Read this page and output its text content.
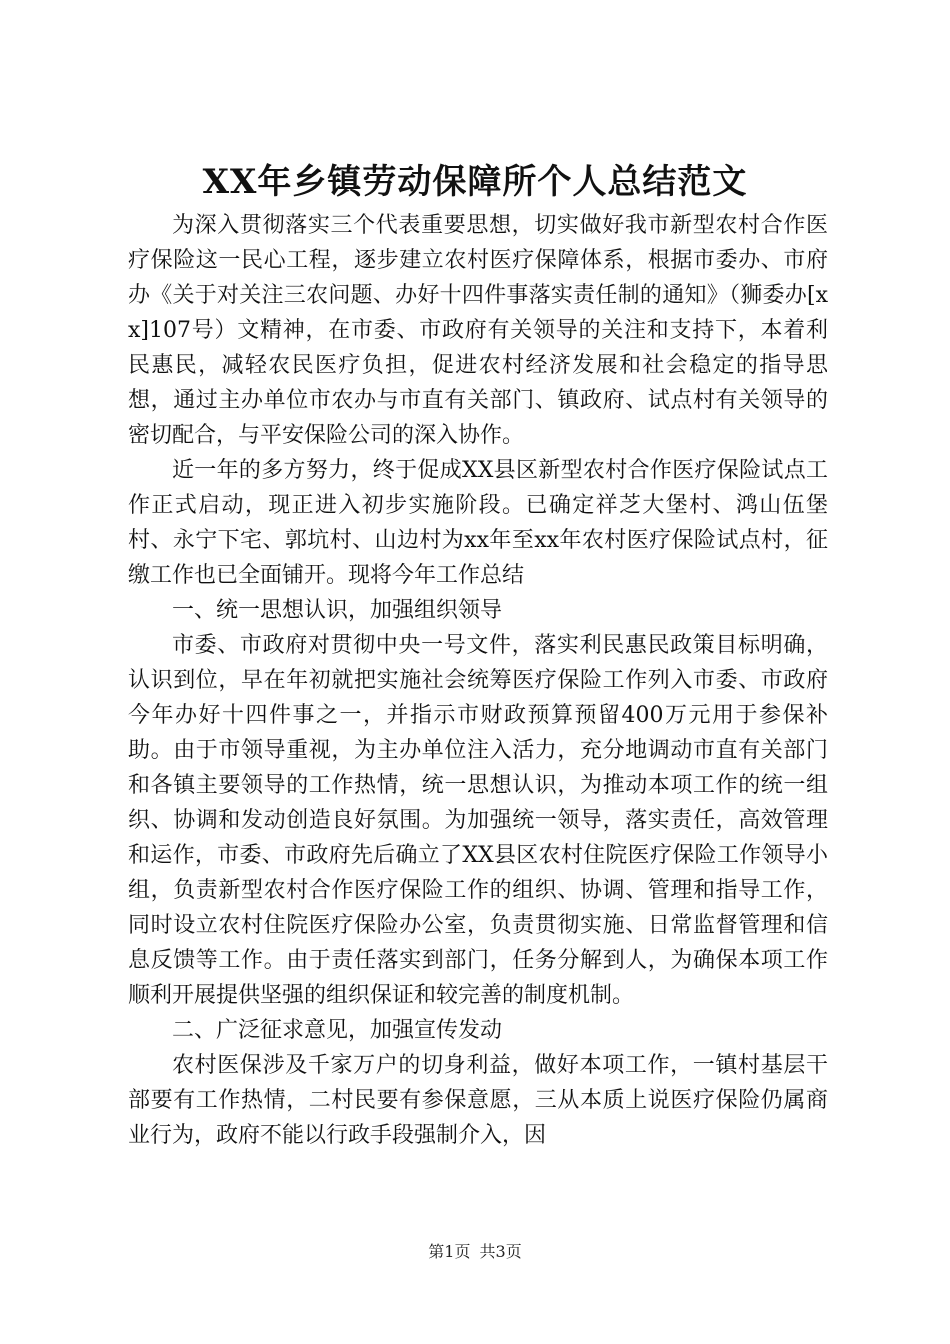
XX年乡镇劳动保障所个人总结范文

为深入贯彻落实三个代表重要思想，切实做好我市新型农村合作医疗保险这一民心工程，逐步建立农村医疗保障体系，根据市委办、市府办《关于对关注三农问题、办好十四件事落实责任制的通知》（狮委办[xx]107号）文精神，在市委、市政府有关领导的关注和支持下，本着利民惠民，减轻农民医疗负担，促进农村经济发展和社会稳定的指导思想，通过主办单位市农办与市直有关部门、镇政府、试点村有关领导的密切配合，与平安保险公司的深入协作。

近一年的多方努力，终于促成XX县区新型农村合作医疗保险试点工作正式启动，现正进入初步实施阶段。已确定祥芝大堡村、鸿山伍堡村、永宁下宅、郭坑村、山边村为xx年至xx年农村医疗保险试点村，征缴工作也已全面铺开。现将今年工作总结

一、统一思想认识，加强组织领导

市委、市政府对贯彻中央一号文件，落实利民惠民政策目标明确，认识到位，早在年初就把实施社会统筹医疗保险工作列入市委、市政府今年办好十四件事之一，并指示市财政预算预留400万元用于参保补助。由于市领导重视，为主办单位注入活力，充分地调动市直有关部门和各镇主要领导的工作热情，统一思想认识，为推动本项工作的统一组织、协调和发动创造良好氛围。为加强统一领导，落实责任，高效管理和运作，市委、市政府先后确立了XX县区农村住院医疗保险工作领导小组，负责新型农村合作医疗保险工作的组织、协调、管理和指导工作，同时设立农村住院医疗保险办公室，负责贯彻实施、日常监督管理和信息反馈等工作。由于责任落实到部门，任务分解到人，为确保本项工作顺利开展提供坚强的组织保证和较完善的制度机制。

二、广泛征求意见，加强宣传发动

农村医保涉及千家万户的切身利益，做好本项工作，一镇村基层干部要有工作热情，二村民要有参保意愿，三从本质上说医疗保险仍属商业行为，政府不能以行政手段强制介入，因

第1页 共3页
